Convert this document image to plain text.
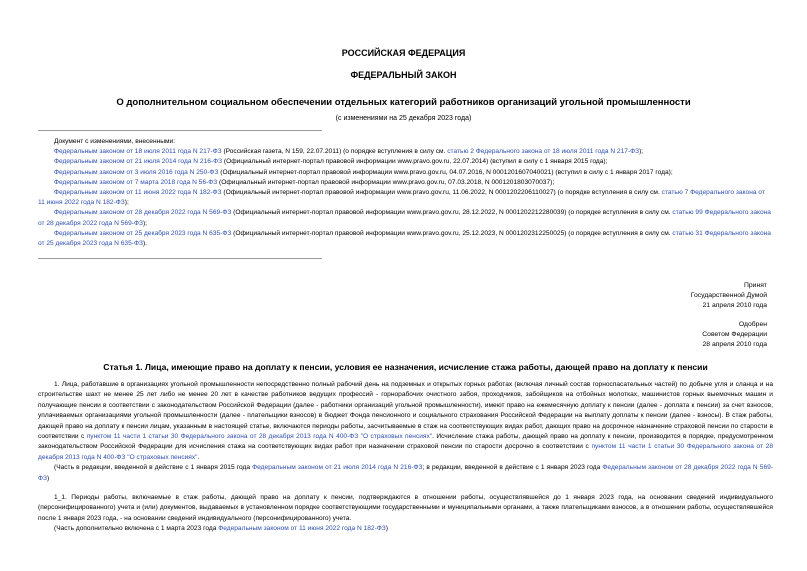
РОССИЙСКАЯ ФЕДЕРАЦИЯ
ФЕДЕРАЛЬНЫЙ ЗАКОН
О дополнительном социальном обеспечении отдельных категорий работников организаций угольной промышленности
(с изменениями на 25 декабря 2023 года)

Документ с изменениями, внесенными:

Федеральным законом от 18 июля 2011 года N 217-ФЗ (Российская газета, N 159, 22.07.2011) (о порядке вступления в силу см. статью 2 Федерального закона от 18 июля 2011 года N 217-ФЗ);

Федеральным законом от 21 июля 2014 года N 216-ФЗ (Официальный интернет-портал правовой информации www.pravo.gov.ru, 22.07.2014) (вступил в силу с 1 января 2015 года);

Федеральным законом от 3 июля 2016 года N 250-ФЗ (Официальный интернет-портал правовой информации www.pravo.gov.ru, 04.07.2016, N 0001201607040021) (вступил в силу с 1 января 2017 года);

Федеральным законом от 7 марта 2018 года N 56-ФЗ (Официальный интернет-портал правовой информации www.pravo.gov.ru, 07.03.2018, N 0001201803070037);

Федеральным законом от 11 июня 2022 года N 182-ФЗ (Официальный интернет-портал правовой информации www.pravo.gov.ru, 11.06.2022, N 0001202206110027) (о порядке вступления в силу см. статью 7 Федерального закона от 11 июня 2022 года N 182-ФЗ);

Федеральным законом от 28 декабря 2022 года N 569-ФЗ (Официальный интернет-портал правовой информации www.pravo.gov.ru, 28.12.2022, N 0001202212280039) (о порядке вступления в силу см. статью 99 Федерального закона от 28 декабря 2022 года N 569-ФЗ);

Федеральным законом от 25 декабря 2023 года N 635-ФЗ (Официальный интернет-портал правовой информации www.pravo.gov.ru, 25.12.2023, N 0001202312250025) (о порядке вступления в силу см. статью 31 Федерального закона от 25 декабря 2023 года N 635-ФЗ).

Принят
Государственной Думой
21 апреля 2010 года
Одобрен
Советом Федерации
28 апреля 2010 года
Статья 1. Лица, имеющие право на доплату к пенсии, условия ее назначения, исчисление стажа работы, дающей право на доплату к пенсии

1. Лица, работавшие в организациях угольной промышленности непосредственно полный рабочий день на подземных и открытых горных работах (включая личный состав горноспасательных частей) по добыче угля и сланца и на строительстве шахт не менее 25 лет либо не менее 20 лет в качестве работников ведущих профессий - горнорабочих очистного забоя, проходчиков, забойщиков на отбойных молотках, машинистов горных выемочных машин и получающие пенсии в соответствии с законодательством Российской Федерации (далее - работники организаций угольной промышленности), имеют право на ежемесячную доплату к пенсии (далее - доплата к пенсии) за счет взносов, уплачиваемых организациями угольной промышленности (далее - плательщики взносов) в бюджет Фонда пенсионного и социального страхования Российской Федерации на выплату доплаты к пенсии (далее - взносы). В стаж работы, дающей право на доплату к пенсии лицам, указанным в настоящей статье, включаются периоды работы, засчитываемые в стаж на соответствующих видах работ, дающих право на досрочное назначение страховой пенсии по старости в соответствии с пунктом 11 части 1 статьи 30 Федерального закона от 28 декабря 2013 года N 400-ФЗ "О страховых пенсиях". Исчисление стажа работы, дающей право на доплату к пенсии, производится в порядке, предусмотренном законодательством Российской Федерации для исчисления стажа на соответствующих видах работ при назначении страховой пенсии по старости досрочно в соответствии с пунктом 11 части 1 статьи 30 Федерального закона от 28 декабря 2013 года N 400-ФЗ "О страховых пенсиях".

(Часть в редакции, введенной в действие с 1 января 2015 года Федеральным законом от 21 июля 2014 года N 216-ФЗ; в редакции, введенной в действие с 1 января 2023 года Федеральным законом от 28 декабря 2022 года N 569-ФЗ)

1_1. Периоды работы, включаемые в стаж работы, дающей право на доплату к пенсии, подтверждаются в отношении работы, осуществлявшейся до 1 января 2023 года, на основании сведений индивидуального (персонифицированного) учета и (или) документов, выдаваемых в установленном порядке соответствующими государственными и муниципальными органами, а также плательщиками взносов, а в отношении работы, осуществлявшейся после 1 января 2023 года, - на основании сведений индивидуального (персонифицированного) учета.

(Часть дополнительно включена с 1 марта 2023 года Федеральным законом от 11 июня 2022 года N 182-ФЗ)
